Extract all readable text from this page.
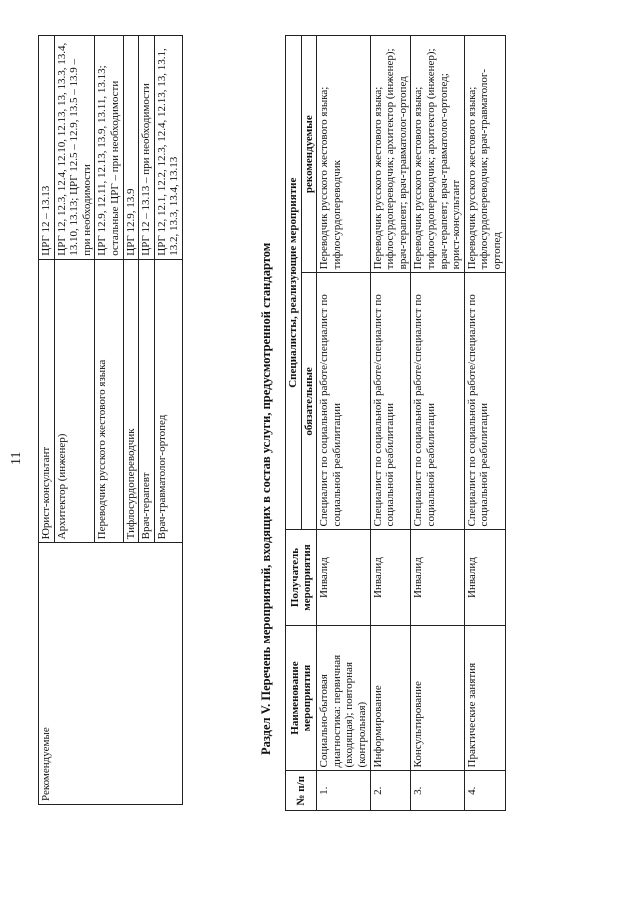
11
Рекомендуемые	Юрист-консультант	ЦРГ 12 – 13.13
	Архитектор (инженер)	ЦРГ 12, 12.3, 12.4, 12.10, 12.13, 13, 13.3, 13.4, 13.10, 13.13; ЦРГ 12.5 – 12.9, 13.5 – 13.9 – при необходимости
	Переводчик русского жестового языка	ЦРГ 12.9, 12.11, 12.13, 13.9, 13.11, 13.13; остальные ЦРГ – при необходимости
	Тифлосурдопереводчик	ЦРГ 12.9, 13.9
	Врач-терапевт	ЦРГ 12 – 13.13 – при необходимости
	Врач-травматолог-ортопед	ЦРГ 12, 12.1, 12.2, 12.3, 12.4, 12.13, 13, 13.1, 13.2, 13.3, 13.4, 13.13
Раздел V. Перечень мероприятий, входящих в состав услуги, предусмотренной стандартом
№ п/п	Наименование мероприятия	Получатель мероприятия	Специалисты, реализующие мероприятие	
			обязательные	рекомендуемые
1.	Социально-бытовая диагностика: первичная (входящая); повторная (контрольная)	Инвалид	Специалист по социальной работе/специалист по социальной реабилитации	Переводчик русского жестового языка; тифлосурдопереводчик
2.	Информирование	Инвалид	Специалист по социальной работе/специалист по социальной реабилитации	Переводчик русского жестового языка; тифлосурдопереводчик; архитектор (инженер); врач-терапевт; врач-травматолог-ортопед
3.	Консультирование	Инвалид	Специалист по социальной работе/специалист по социальной реабилитации	Переводчик русского жестового языка; тифлосурдопереводчик; архитектор (инженер); врач-терапевт; врач-травматолог-ортопед; юрист-консультант
4.	Практические занятия	Инвалид	Специалист по социальной работе/специалист по социальной реабилитации	Переводчик русского жестового языка; тифлосурдопереводчик; врач-травматолог-ортопед
